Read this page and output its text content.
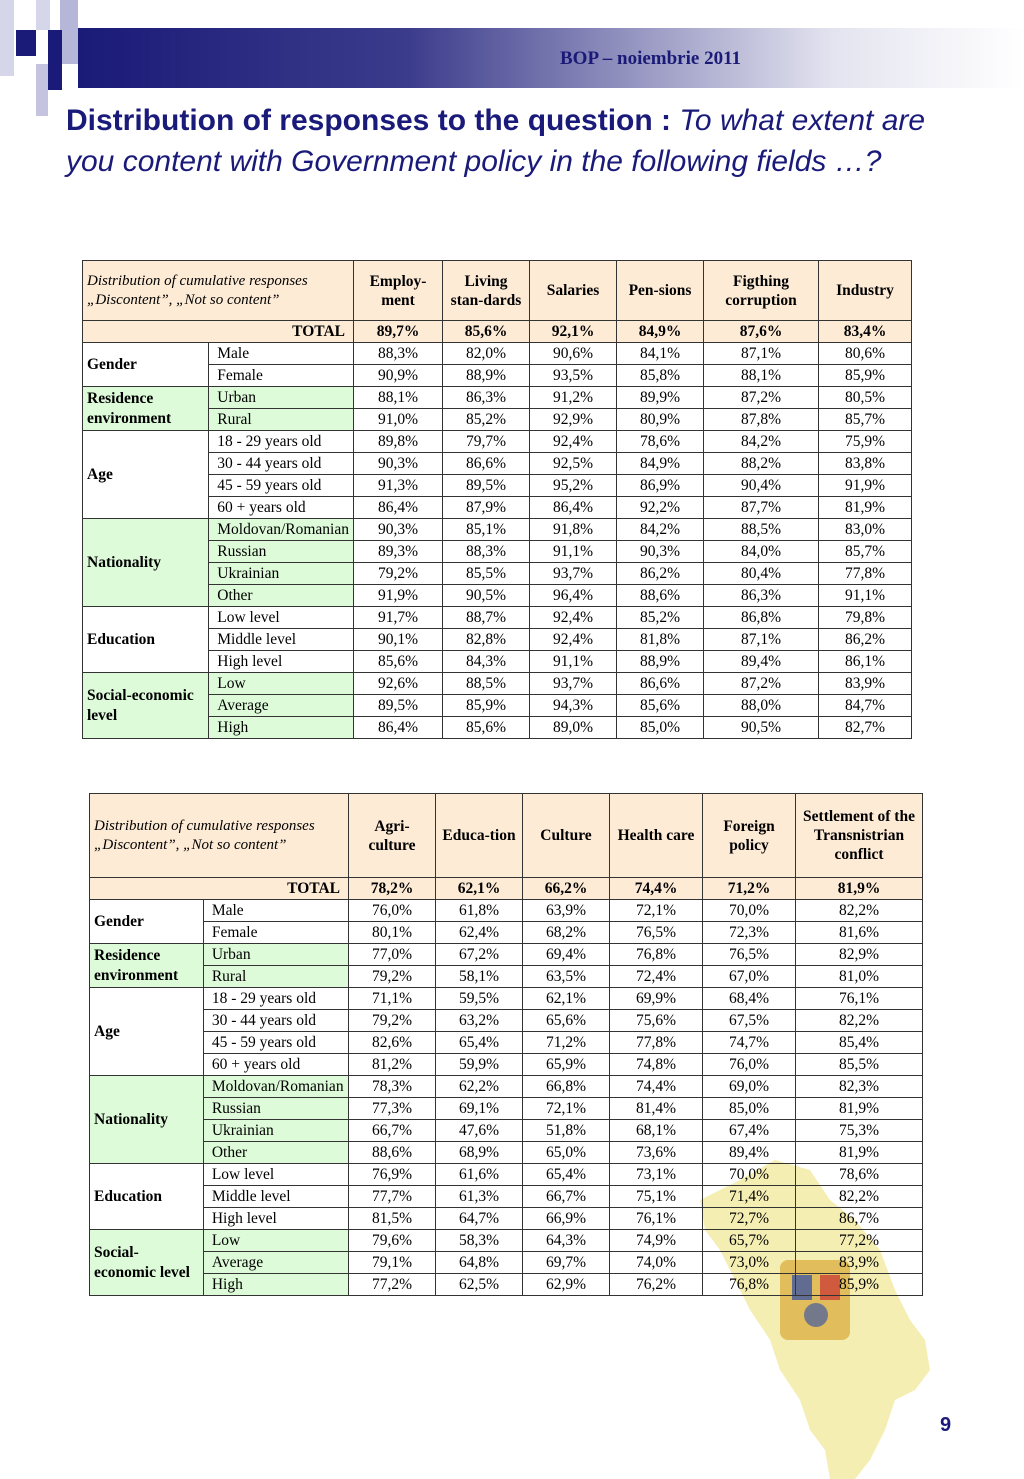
BOP – noiembrie 2011
Distribution of responses to the question : To what extent are you content with Government policy in the following fields …?
Distribution of cumulative responses „Discontent”, „Not so content”		Employ-ment	Living stan-dards	Salaries	Pen-sions	Figthing corruption	Industry
TOTAL		89,7%	85,6%	92,1%	84,9%	87,6%	83,4%
Gender	Male	88,3%	82,0%	90,6%	84,1%	87,1%	80,6%
	Female	90,9%	88,9%	93,5%	85,8%	88,1%	85,9%
Residence environment	Urban	88,1%	86,3%	91,2%	89,9%	87,2%	80,5%
	Rural	91,0%	85,2%	92,9%	80,9%	87,8%	85,7%
Age	18 - 29 years old	89,8%	79,7%	92,4%	78,6%	84,2%	75,9%
	30 - 44 years old	90,3%	86,6%	92,5%	84,9%	88,2%	83,8%
	45 - 59 years old	91,3%	89,5%	95,2%	86,9%	90,4%	91,9%
	60 + years old	86,4%	87,9%	86,4%	92,2%	87,7%	81,9%
Nationality	Moldovan/Romanian	90,3%	85,1%	91,8%	84,2%	88,5%	83,0%
	Russian	89,3%	88,3%	91,1%	90,3%	84,0%	85,7%
	Ukrainian	79,2%	85,5%	93,7%	86,2%	80,4%	77,8%
	Other	91,9%	90,5%	96,4%	88,6%	86,3%	91,1%
Education	Low level	91,7%	88,7%	92,4%	85,2%	86,8%	79,8%
	Middle level	90,1%	82,8%	92,4%	81,8%	87,1%	86,2%
	High level	85,6%	84,3%	91,1%	88,9%	89,4%	86,1%
Social-economic level	Low	92,6%	88,5%	93,7%	86,6%	87,2%	83,9%
	Average	89,5%	85,9%	94,3%	85,6%	88,0%	84,7%
	High	86,4%	85,6%	89,0%	85,0%	90,5%	82,7%
Distribution of cumulative responses „Discontent”, „Not so content”		Agri-culture	Educa-tion	Culture	Health care	Foreign policy	Settlement of the Transnistrian conflict
TOTAL		78,2%	62,1%	66,2%	74,4%	71,2%	81,9%
Gender	Male	76,0%	61,8%	63,9%	72,1%	70,0%	82,2%
	Female	80,1%	62,4%	68,2%	76,5%	72,3%	81,6%
Residence environment	Urban	77,0%	67,2%	69,4%	76,8%	76,5%	82,9%
	Rural	79,2%	58,1%	63,5%	72,4%	67,0%	81,0%
Age	18 - 29 years old	71,1%	59,5%	62,1%	69,9%	68,4%	76,1%
	30 - 44 years old	79,2%	63,2%	65,6%	75,6%	67,5%	82,2%
	45 - 59 years old	82,6%	65,4%	71,2%	77,8%	74,7%	85,4%
	60 + years old	81,2%	59,9%	65,9%	74,8%	76,0%	85,5%
Nationality	Moldovan/Romanian	78,3%	62,2%	66,8%	74,4%	69,0%	82,3%
	Russian	77,3%	69,1%	72,1%	81,4%	85,0%	81,9%
	Ukrainian	66,7%	47,6%	51,8%	68,1%	67,4%	75,3%
	Other	88,6%	68,9%	65,0%	73,6%	89,4%	81,9%
Education	Low level	76,9%	61,6%	65,4%	73,1%	70,0%	78,6%
	Middle level	77,7%	61,3%	66,7%	75,1%	71,4%	82,2%
	High level	81,5%	64,7%	66,9%	76,1%	72,7%	86,7%
Social-economic level	Low	79,6%	58,3%	64,3%	74,9%	65,7%	77,2%
	Average	79,1%	64,8%	69,7%	74,0%	73,0%	83,9%
	High	77,2%	62,5%	62,9%	76,2%	76,8%	85,9%
9
